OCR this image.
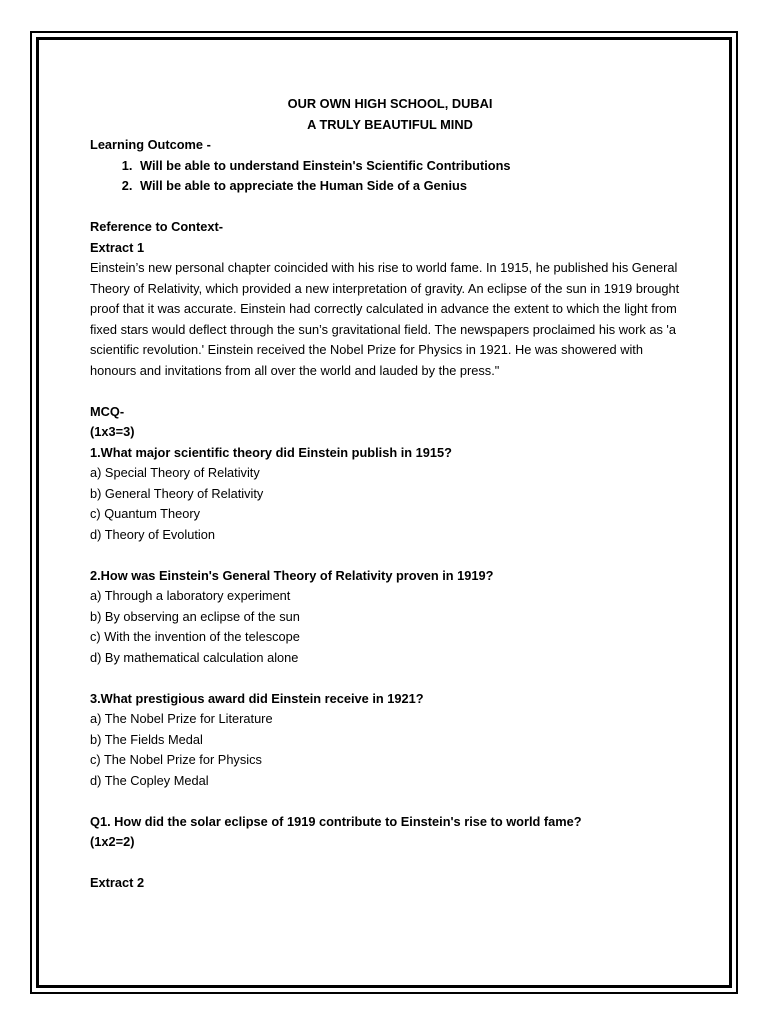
OUR OWN HIGH SCHOOL, DUBAI
A TRULY BEAUTIFUL MIND
Learning Outcome -
1. Will be able to understand Einstein's Scientific Contributions
2. Will be able to appreciate the Human Side of a Genius
Reference to Context-
Extract 1
Einstein’s new personal chapter coincided with his rise to world fame. In 1915, he published his General Theory of Relativity, which provided a new interpretation of gravity. An eclipse of the sun in 1919 brought proof that it was accurate. Einstein had correctly calculated in advance the extent to which the light from fixed stars would deflect through the sun’s gravitational field. The newspapers proclaimed his work as 'a scientific revolution.' Einstein received the Nobel Prize for Physics in 1921. He was showered with honours and invitations from all over the world and lauded by the press."
MCQ-
(1x3=3)
1.What major scientific theory did Einstein publish in 1915?
a) Special Theory of Relativity
b) General Theory of Relativity
c) Quantum Theory
d) Theory of Evolution
2.How was Einstein's General Theory of Relativity proven in 1919?
a) Through a laboratory experiment
b) By observing an eclipse of the sun
c) With the invention of the telescope
d) By mathematical calculation alone
3.What prestigious award did Einstein receive in 1921?
a) The Nobel Prize for Literature
b) The Fields Medal
c) The Nobel Prize for Physics
d) The Copley Medal
Q1. How did the solar eclipse of 1919 contribute to Einstein's rise to world fame?
(1x2=2)
Extract 2
